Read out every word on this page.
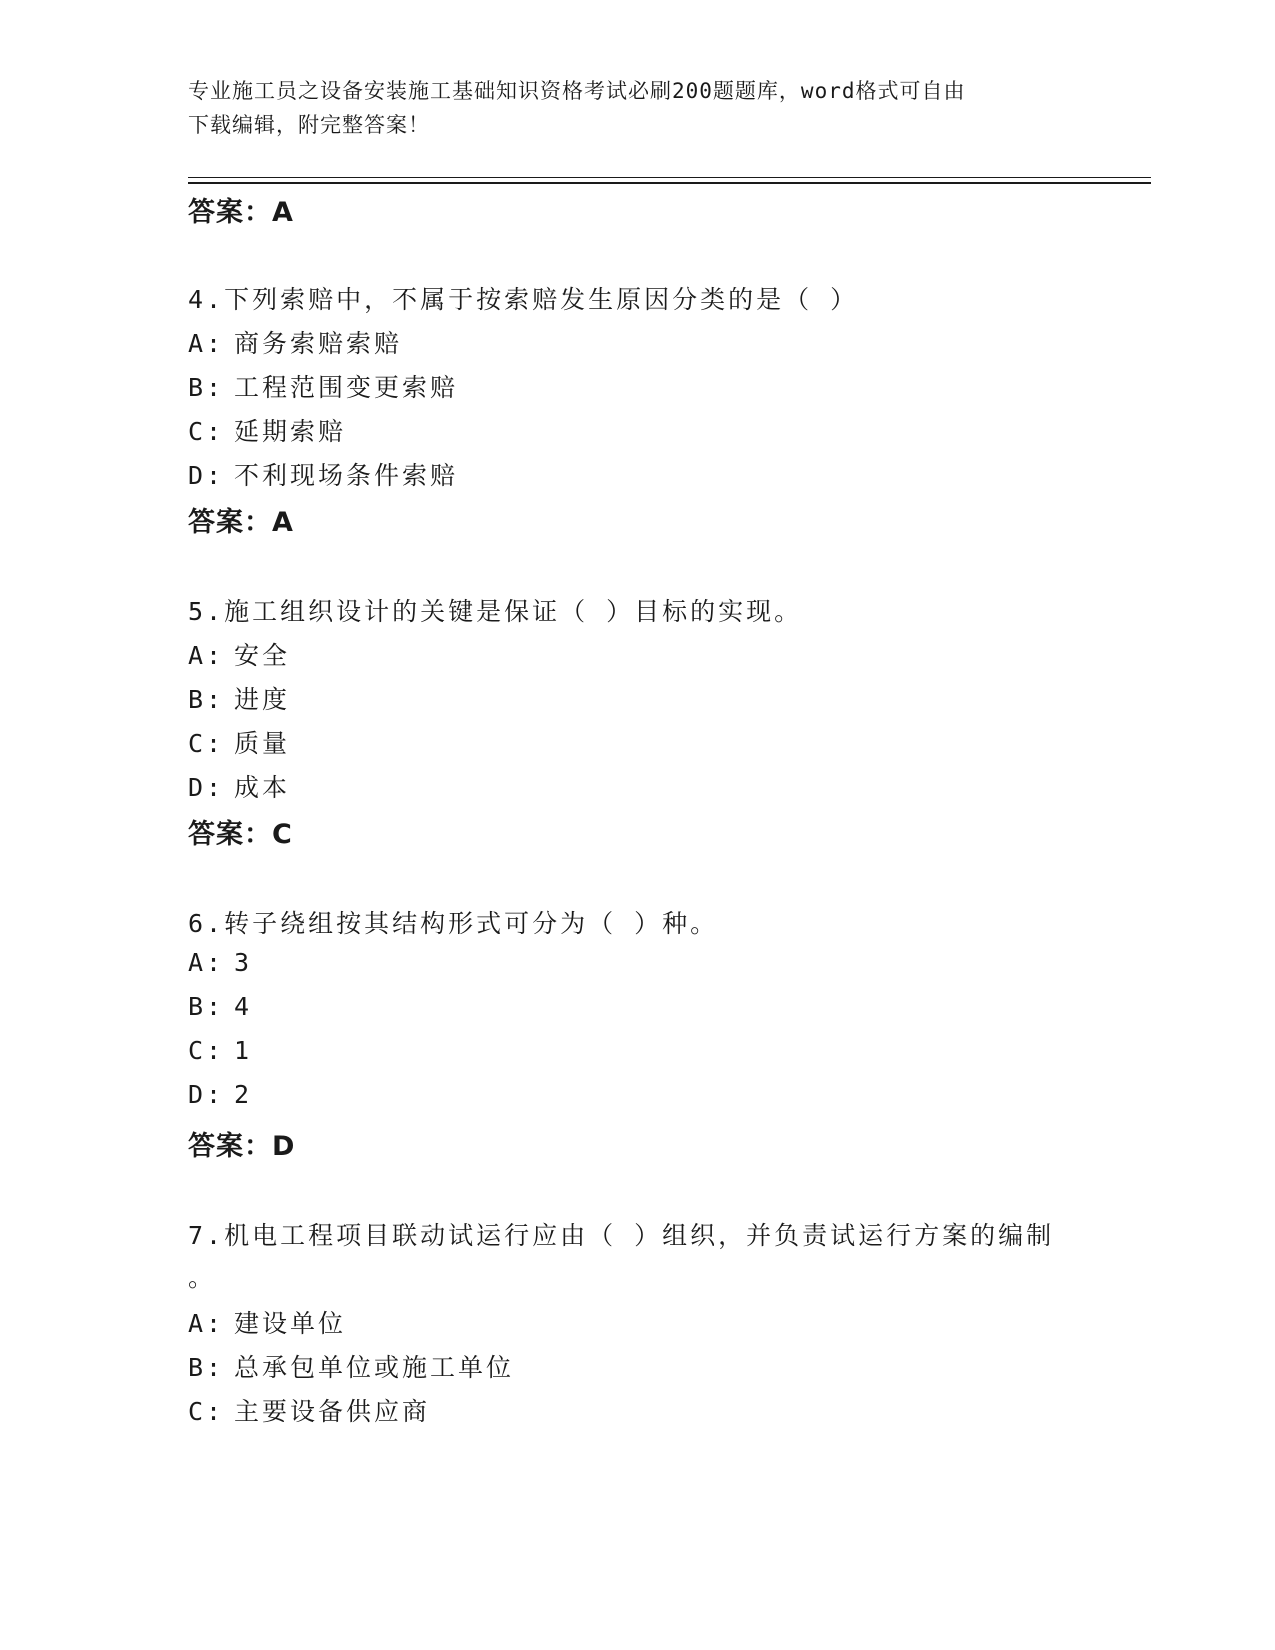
专业施工员之设备安装施工基础知识资格考试必刷200题题库，word格式可自由
下载编辑，附完整答案！
答案：A
4.下列索赔中，不属于按索赔发生原因分类的是（ ）
A: 商务索赔索赔
B: 工程范围变更索赔
C: 延期索赔
D: 不利现场条件索赔
答案：A
5.施工组织设计的关键是保证（ ）目标的实现。
A: 安全
B: 进度
C: 质量
D: 成本
答案：C
6.转子绕组按其结构形式可分为（ ）种。
A: 3
B: 4
C: 1
D: 2
答案：D
7.机电工程项目联动试运行应由（ ）组织，并负责试运行方案的编制
。
A: 建设单位
B: 总承包单位或施工单位
C: 主要设备供应商
